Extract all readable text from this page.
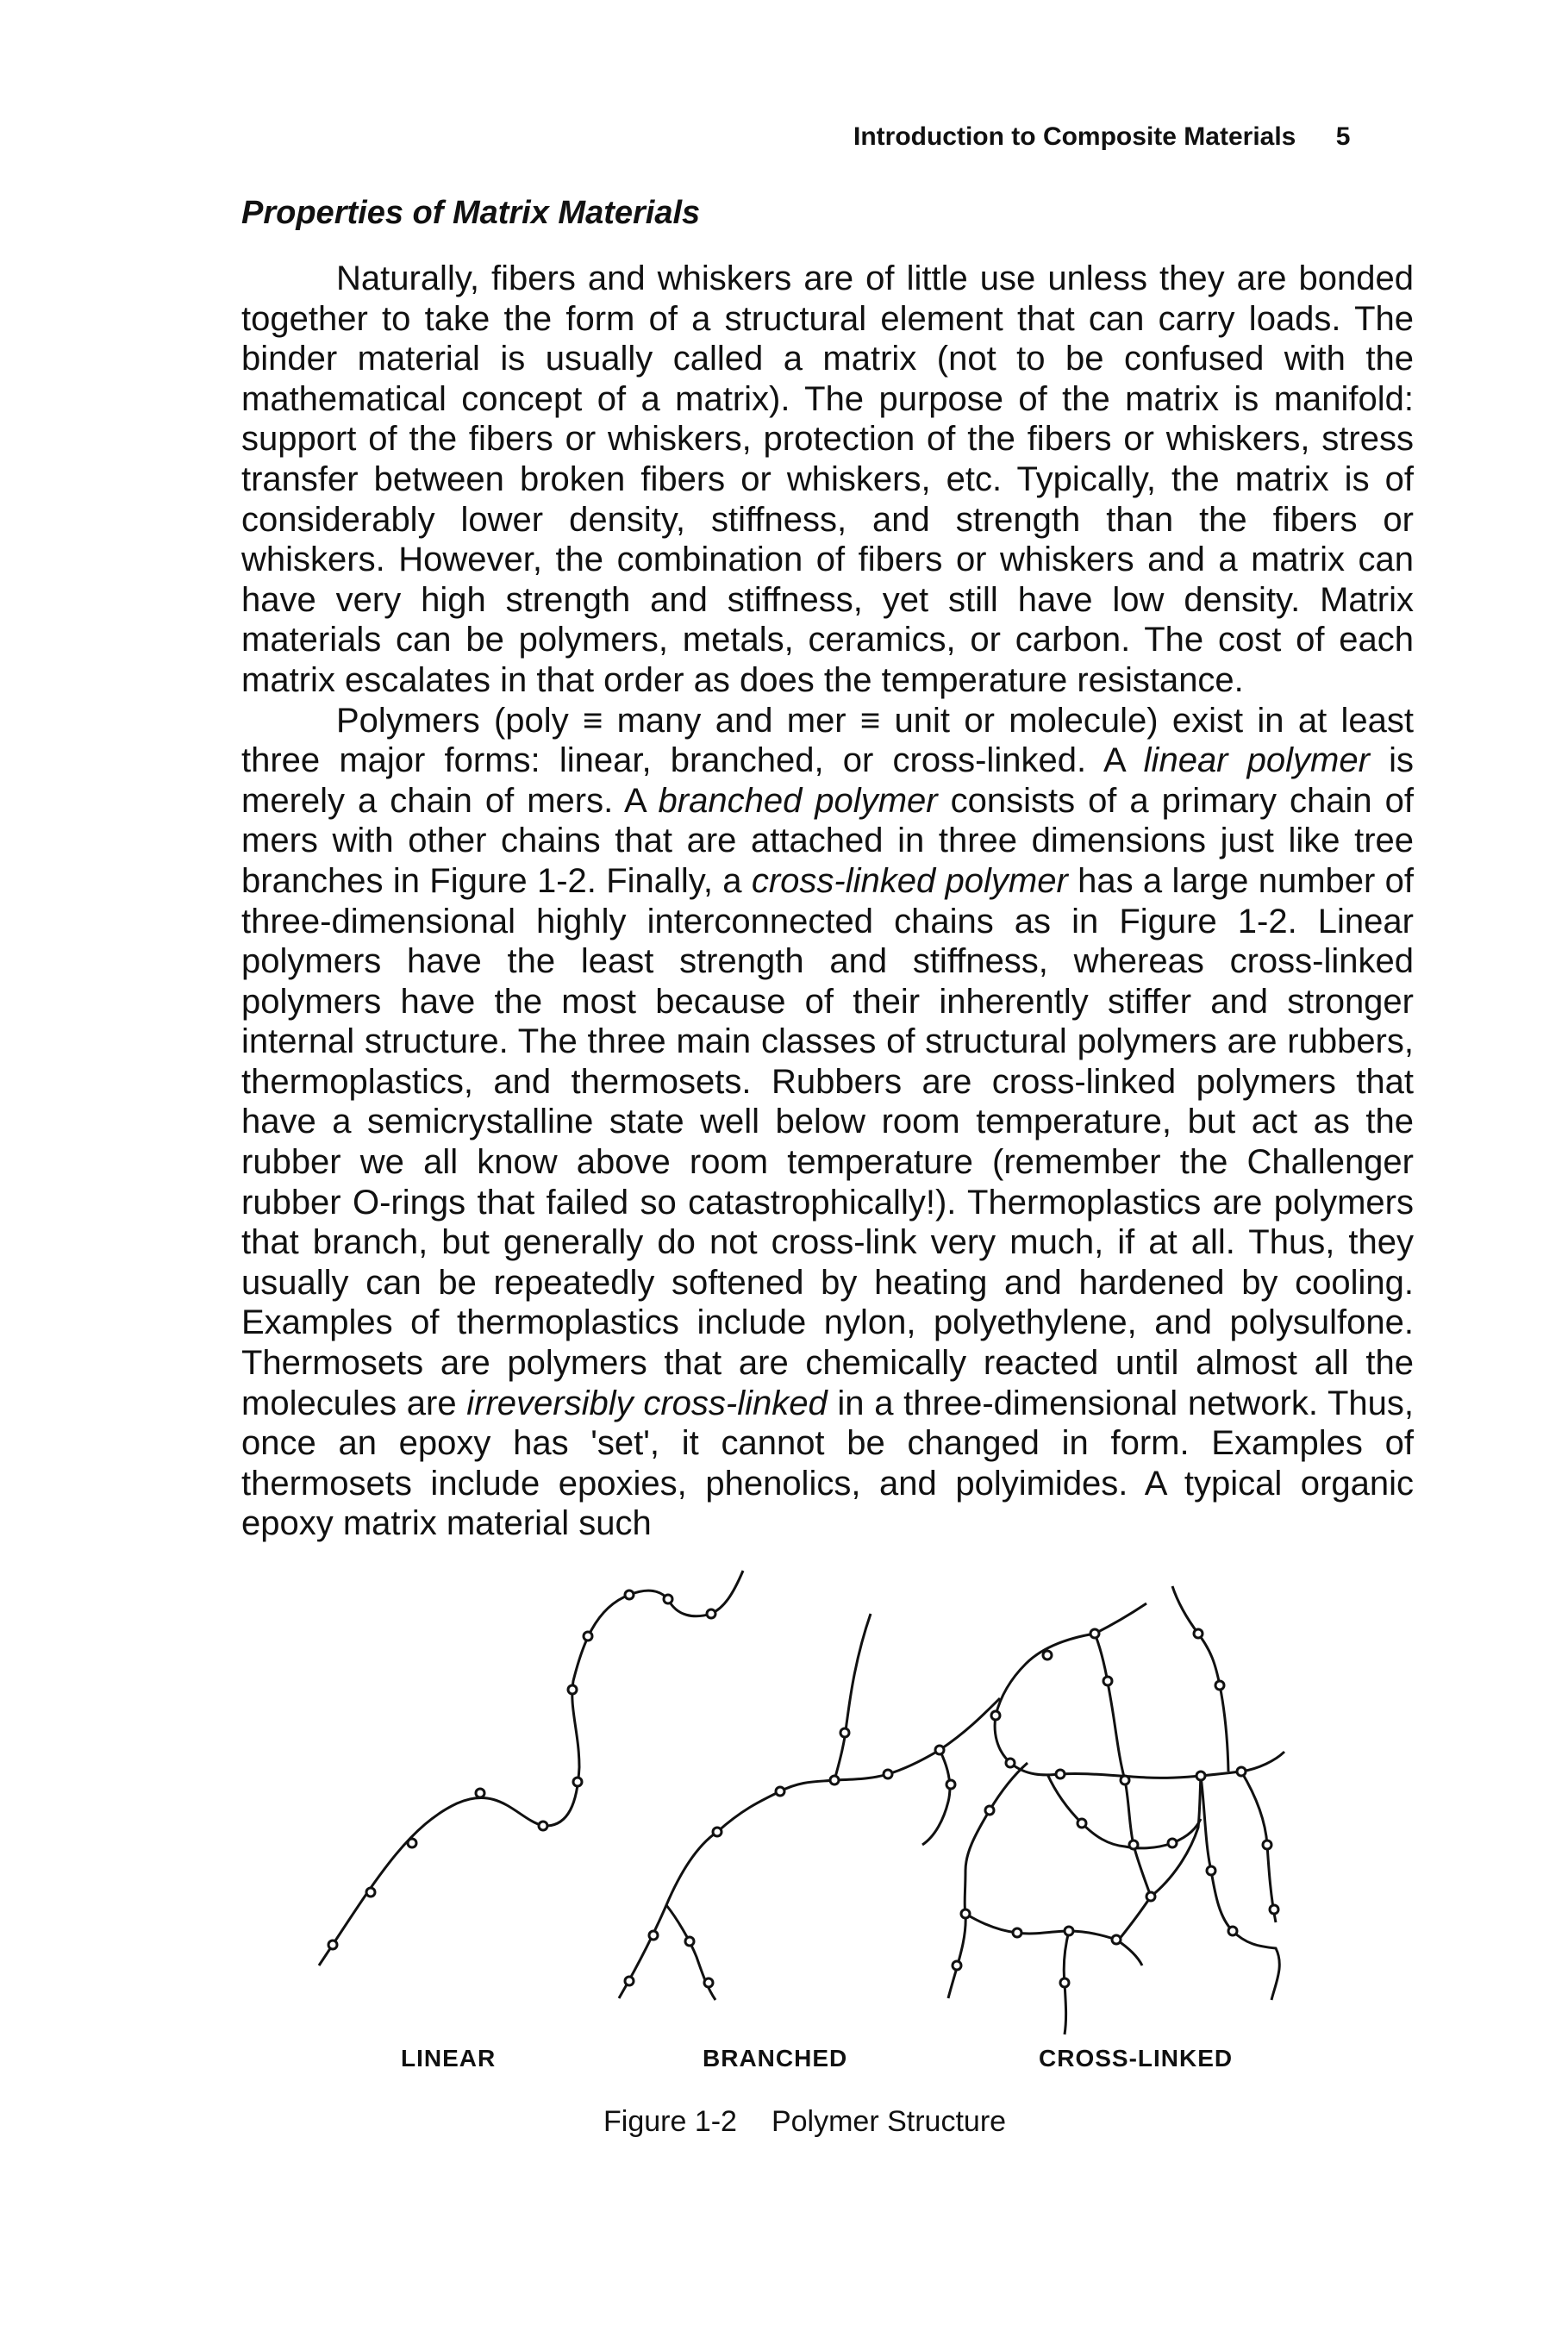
Introduction to Composite Materials 5
Properties of Matrix Materials

Naturally, fibers and whiskers are of little use unless they are bonded together to take the form of a structural element that can carry loads. The binder material is usually called a matrix (not to be confused with the mathematical concept of a matrix). The purpose of the matrix is manifold: support of the fibers or whiskers, protection of the fibers or whiskers, stress transfer between broken fibers or whiskers, etc. Typically, the matrix is of considerably lower density, stiffness, and strength than the fibers or whiskers. However, the combination of fibers or whiskers and a matrix can have very high strength and stiffness, yet still have low density. Matrix materials can be polymers, metals, ceramics, or carbon. The cost of each matrix escalates in that order as does the temperature resistance.

Polymers (poly ≡ many and mer ≡ unit or molecule) exist in at least three major forms: linear, branched, or cross-linked. A linear polymer is merely a chain of mers. A branched polymer consists of a primary chain of mers with other chains that are attached in three dimensions just like tree branches in Figure 1-2. Finally, a cross-linked polymer has a large number of three-dimensional highly interconnected chains as in Figure 1-2. Linear polymers have the least strength and stiffness, whereas cross-linked polymers have the most because of their inherently stiffer and stronger internal structure. The three main classes of structural polymers are rubbers, thermoplastics, and thermosets. Rubbers are cross-linked polymers that have a semicrystalline state well below room temperature, but act as the rubber we all know above room temperature (remember the Challenger rubber O-rings that failed so catastrophically!). Thermoplastics are polymers that branch, but generally do not cross-link very much, if at all. Thus, they usually can be repeatedly softened by heating and hardened by cooling. Examples of thermoplastics include nylon, polyethylene, and polysulfone. Thermosets are polymers that are chemically reacted until almost all the molecules are irreversibly cross-linked in a three-dimensional network. Thus, once an epoxy has 'set', it cannot be changed in form. Examples of thermosets include epoxies, phenolics, and polyimides. A typical organic epoxy matrix material such

LINEAR	BRANCHED	CROSS-LINKED
Figure 1-2 Polymer Structure
